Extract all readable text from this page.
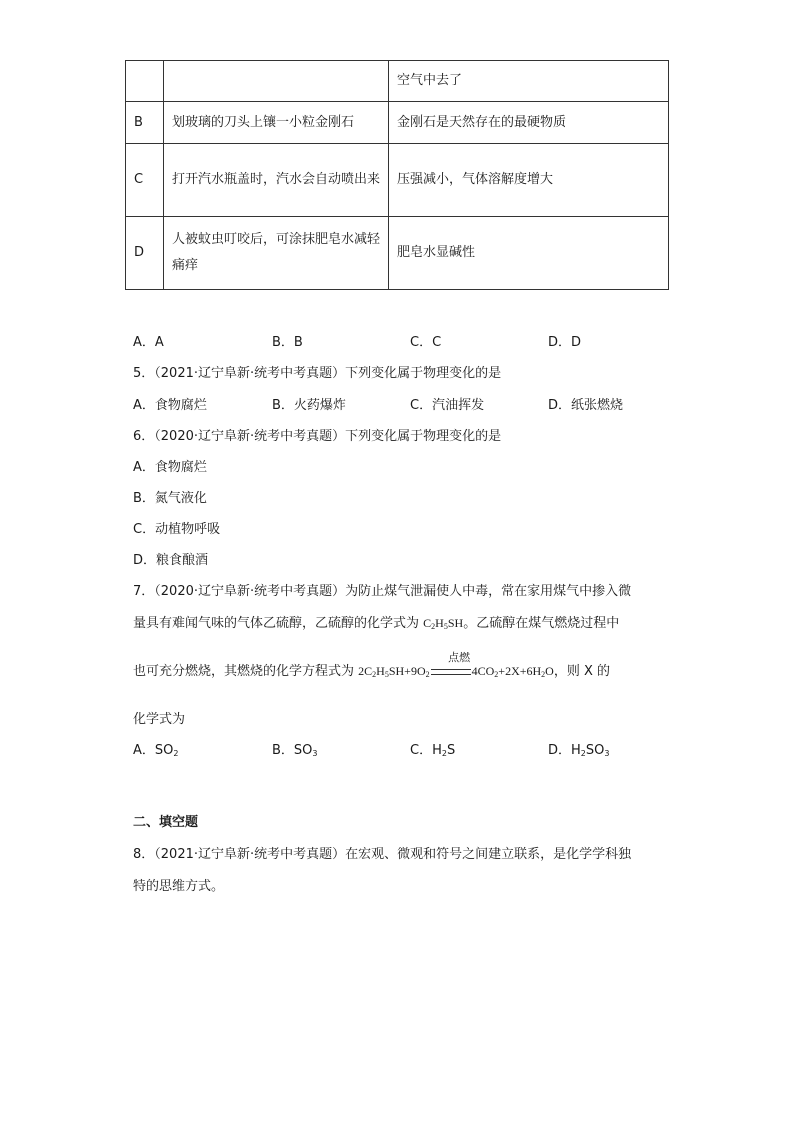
		空气中去了
B	划玻璃的刀头上镶一小粒金刚石	金刚石是天然存在的最硬物质
C	打开汽水瓶盖时，汽水会自动喷出来	压强减小，气体溶解度增大
D	人被蚊虫叮咬后，可涂抹肥皂水减轻痛痒	肥皂水显碱性
A．A	B．B	C．C	D．D
5．（2021·辽宁阜新·统考中考真题）下列变化属于物理变化的是
A．食物腐烂	B．火药爆炸	C．汽油挥发	D．纸张燃烧
6．（2020·辽宁阜新·统考中考真题）下列变化属于物理变化的是
A．食物腐烂
B．氮气液化
C．动植物呼吸
D．粮食酿酒
7．（2020·辽宁阜新·统考中考真题）为防止煤气泄漏使人中毒，常在家用煤气中掺入微
量具有难闻气味的气体乙硫醇，乙硫醇的化学式为 $C_2H_5SH$。乙硫醇在煤气燃烧过程中
也可充分燃烧，其燃烧的化学方程式为 $2C_2H_5SH+9O_2$
点燃
$4CO_2+2X+6H_2O$，则 X 的
化学式为
A．$SO_2$	B．$SO_3$	C．$H_2S$	D．$H_2SO_3$
二、填空题
8．（2021·辽宁阜新·统考中考真题）在宏观、微观和符号之间建立联系，是化学学科独
特的思维方式。
